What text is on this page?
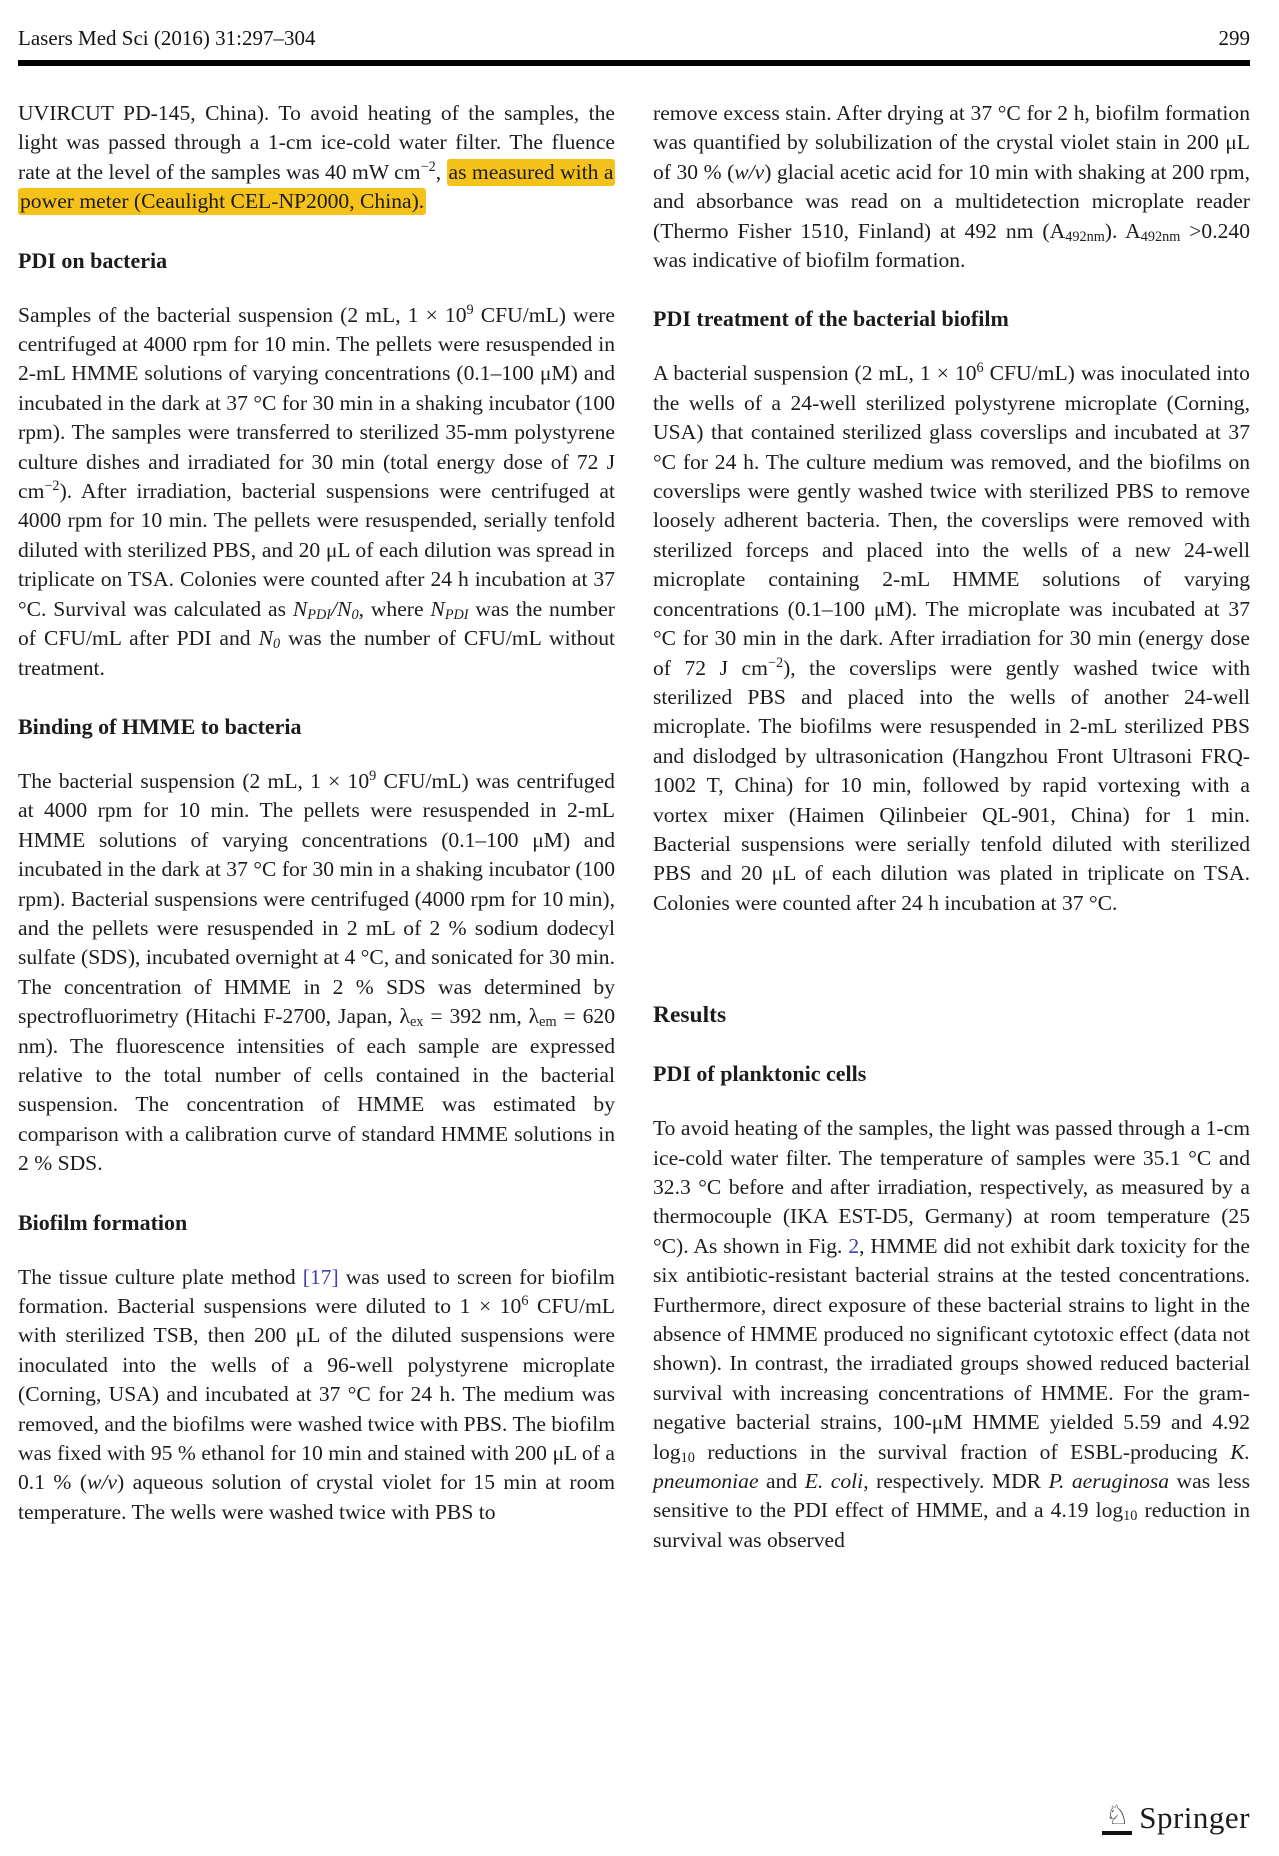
Lasers Med Sci (2016) 31:297–304	299

UVIRCUT PD-145, China). To avoid heating of the samples, the light was passed through a 1-cm ice-cold water filter. The fluence rate at the level of the samples was 40 mW $cm^{-2}$, as measured with a power meter (Ceaulight CEL-NP2000, China).

PDI on bacteria

Samples of the bacterial suspension (2 mL, $1 \times 10^9$ CFU/mL) were centrifuged at 4000 rpm for 10 min. The pellets were resuspended in 2-mL HMME solutions of varying concentrations (0.1–100 μM) and incubated in the dark at 37 °C for 30 min in a shaking incubator (100 rpm). The samples were transferred to sterilized 35-mm polystyrene culture dishes and irradiated for 30 min (total energy dose of 72 J $cm^{-2}$). After irradiation, bacterial suspensions were centrifuged at 4000 rpm for 10 min. The pellets were resuspended, serially tenfold diluted with sterilized PBS, and 20 μL of each dilution was spread in triplicate on TSA. Colonies were counted after 24 h incubation at 37 °C. Survival was calculated as $N_{PDI}/N_0$, where $N_{PDI}$ was the number of CFU/mL after PDI and $N_0$ was the number of CFU/mL without treatment.

Binding of HMME to bacteria

The bacterial suspension (2 mL, $1 \times 10^9$ CFU/mL) was centrifuged at 4000 rpm for 10 min. The pellets were resuspended in 2-mL HMME solutions of varying concentrations (0.1–100 μM) and incubated in the dark at 37 °C for 30 min in a shaking incubator (100 rpm). Bacterial suspensions were centrifuged (4000 rpm for 10 min), and the pellets were resuspended in 2 mL of 2 % sodium dodecyl sulfate (SDS), incubated overnight at 4 °C, and sonicated for 30 min. The concentration of HMME in 2 % SDS was determined by spectrofluorimetry (Hitachi F-2700, Japan, $\lambda_{ex} = 392$ nm, $\lambda_{em} = 620$ nm). The fluorescence intensities of each sample are expressed relative to the total number of cells contained in the bacterial suspension. The concentration of HMME was estimated by comparison with a calibration curve of standard HMME solutions in 2 % SDS.

Biofilm formation

The tissue culture plate method [17] was used to screen for biofilm formation. Bacterial suspensions were diluted to $1 \times 10^6$ CFU/mL with sterilized TSB, then 200 μL of the diluted suspensions were inoculated into the wells of a 96-well polystyrene microplate (Corning, USA) and incubated at 37 °C for 24 h. The medium was removed, and the biofilms were washed twice with PBS. The biofilm was fixed with 95 % ethanol for 10 min and stained with 200 μL of a 0.1 % (w/v) aqueous solution of crystal violet for 15 min at room temperature. The wells were washed twice with PBS to

remove excess stain. After drying at 37 °C for 2 h, biofilm formation was quantified by solubilization of the crystal violet stain in 200 μL of 30 % (w/v) glacial acetic acid for 10 min with shaking at 200 rpm, and absorbance was read on a multidetection microplate reader (Thermo Fisher 1510, Finland) at 492 nm $(A_{492nm})$. $A_{492nm} >0.240$ was indicative of biofilm formation.

PDI treatment of the bacterial biofilm

A bacterial suspension (2 mL, $1 \times 10^6$ CFU/mL) was inoculated into the wells of a 24-well sterilized polystyrene microplate (Corning, USA) that contained sterilized glass coverslips and incubated at 37 °C for 24 h. The culture medium was removed, and the biofilms on coverslips were gently washed twice with sterilized PBS to remove loosely adherent bacteria. Then, the coverslips were removed with sterilized forceps and placed into the wells of a new 24-well microplate containing 2-mL HMME solutions of varying concentrations (0.1–100 μM). The microplate was incubated at 37 °C for 30 min in the dark. After irradiation for 30 min (energy dose of 72 J $cm^{-2}$), the coverslips were gently washed twice with sterilized PBS and placed into the wells of another 24-well microplate. The biofilms were resuspended in 2-mL sterilized PBS and dislodged by ultrasonication (Hangzhou Front Ultrasoni FRQ-1002 T, China) for 10 min, followed by rapid vortexing with a vortex mixer (Haimen Qilinbeier QL-901, China) for 1 min. Bacterial suspensions were serially tenfold diluted with sterilized PBS and 20 μL of each dilution was plated in triplicate on TSA. Colonies were counted after 24 h incubation at 37 °C.

Results
PDI of planktonic cells

To avoid heating of the samples, the light was passed through a 1-cm ice-cold water filter. The temperature of samples were 35.1 °C and 32.3 °C before and after irradiation, respectively, as measured by a thermocouple (IKA EST-D5, Germany) at room temperature (25 °C). As shown in Fig. 2, HMME did not exhibit dark toxicity for the six antibiotic-resistant bacterial strains at the tested concentrations. Furthermore, direct exposure of these bacterial strains to light in the absence of HMME produced no significant cytotoxic effect (data not shown). In contrast, the irradiated groups showed reduced bacterial survival with increasing concentrations of HMME. For the gram-negative bacterial strains, 100-μM HMME yielded 5.59 and 4.92 $\log_{10}$ reductions in the survival fraction of ESBL-producing K. pneumoniae and E. coli, respectively. MDR P. aeruginosa was less sensitive to the PDI effect of HMME, and a 4.19 $\log_{10}$ reduction in survival was observed

♘ Springer
